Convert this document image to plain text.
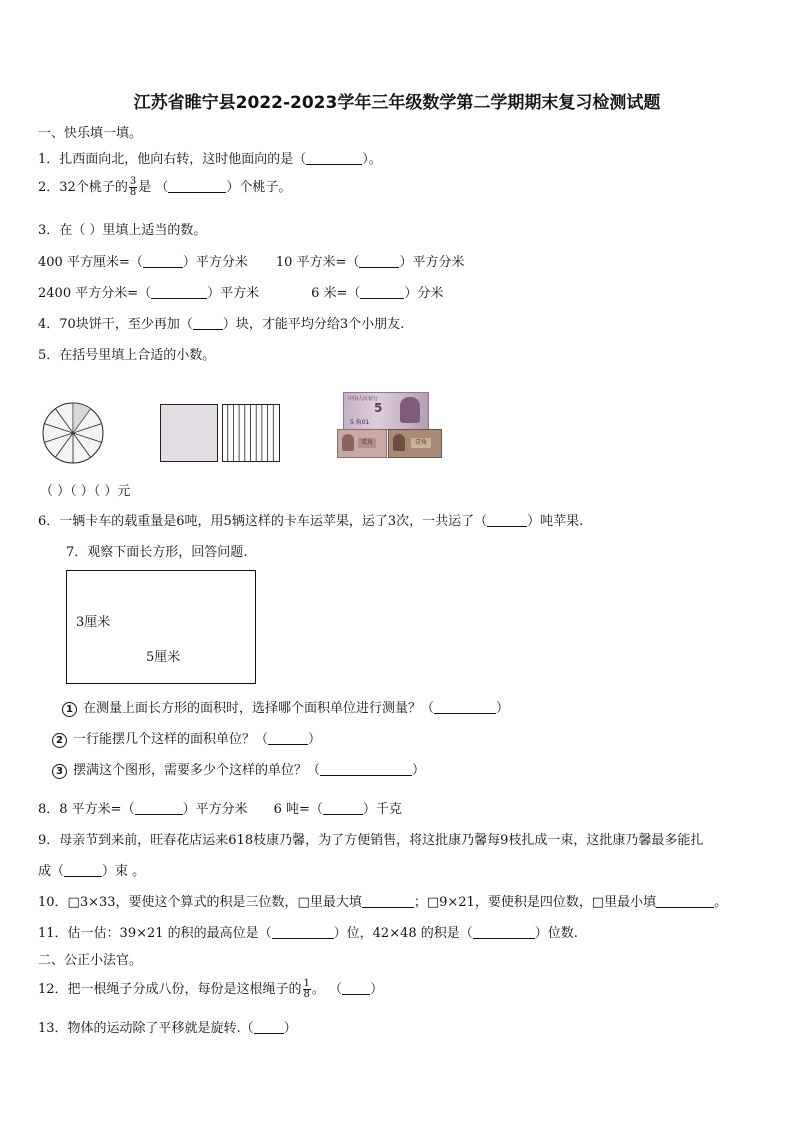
江苏省睢宁县2022-2023学年三年级数学第二学期期末复习检测试题
一、快乐填一填。
1．扎西面向北，他向右转，这时他面向的是（	）。
2．32个桃子的 $\frac{3}{8}$ 是 （	）个桃子。
3．在（ ）里填上适当的数。
400 平方厘米=（	）平方分米 10 平方米=（	）平方分米
2400 平方分米=（	）平方米	6 米=（	）分米
4．70块饼干，至少再加（ ）块，才能平均分给3个小朋友.
5．在括号里填上合适的小数。
中国人民银行
5
5 角01
贰角	壹角
（ ）（ ）（ ）元
6．一辆卡车的载重量是6吨，用5辆这样的卡车运苹果，运了3次，一共运了（	）吨苹果.
7．观察下面长方形，回答问题.
3厘米
5厘米
1 在测量上面长方形的面积时，选择哪个面积单位进行测量？（	）
2 一行能摆几个这样的面积单位？（	）
3 摆满这个图形，需要多少个这样的单位？（	）
8．8 平方米=（	）平方分米 6 吨=（	）千克
9．母亲节到来前，旺春花店运来618枝康乃馨，为了方便销售，将这批康乃馨每9枝扎成一束，这批康乃馨最多能扎
成（	）束 。
10．□3×33，要使这个算式的积是三位数，□里最大填	；□9×21，要使积是四位数，□里最小填	。
11．估一估：39×21 的积的最高位是（	）位，42×48 的积是（	）位数.
二、公正小法官。
12．把一根绳子分成八份，每份是这根绳子的 $\frac{1}{8}$ 。 （ ）
13．物体的运动除了平移就是旋转.（ ）
